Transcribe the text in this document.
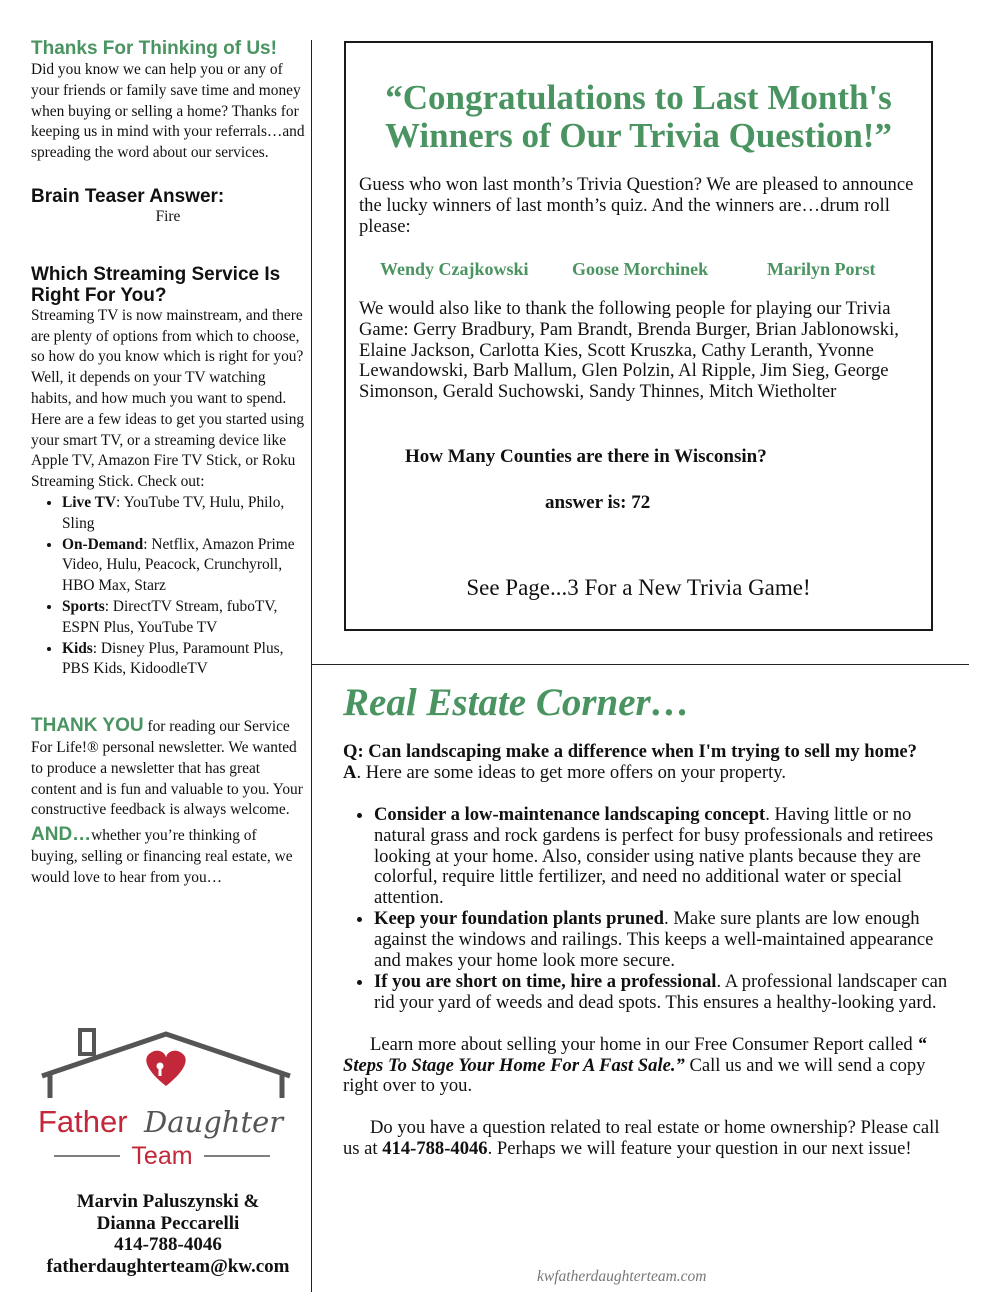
Thanks For Thinking of Us!

Did you know we can help you or any of your friends or family save time and money when buying or selling a home? Thanks for keeping us in mind with your referrals…and spreading the word about our services.

Brain Teaser Answer:

Fire

Which Streaming Service Is Right For You?

Streaming TV is now mainstream, and there are plenty of options from which to choose, so how do you know which is right for you? Well, it depends on your TV watching habits, and how much you want to spend. Here are a few ideas to get you started using your smart TV, or a streaming device like Apple TV, Amazon Fire TV Stick, or Roku Streaming Stick. Check out:

• Live TV: YouTube TV, Hulu, Philo, Sling
• On-Demand: Netflix, Amazon Prime Video, Hulu, Peacock, Crunchyroll, HBO Max, Starz
• Sports: DirectTV Stream, fuboTV, ESPN Plus, YouTube TV
• Kids: Disney Plus, Paramount Plus, PBS Kids, KidoodleTV

THANK YOU for reading our Service For Life!® personal newsletter. We wanted to produce a newsletter that has great content and is fun and valuable to you. Your constructive feedback is always welcome.

AND…whether you’re thinking of buying, selling or financing real estate, we would love to hear from you…

Father Daughter
Team
Marvin Paluszynski &
Dianna Peccarelli
414-788-4046
fatherdaughterteam@kw.com
“Congratulations to Last Month's Winners of Our Trivia Question!”

Guess who won last month’s Trivia Question? We are pleased to announce the lucky winners of last month’s quiz. And the winners are…drum roll please:

Wendy Czajkowski Goose Morchinek	Marilyn Porst

We would also like to thank the following people for playing our Trivia Game: Gerry Bradbury, Pam Brandt, Brenda Burger, Brian Jablonowski, Elaine Jackson, Carlotta Kies, Scott Kruszka, Cathy Leranth, Yvonne Lewandowski, Barb Mallum, Glen Polzin, Al Ripple, Jim Sieg, George Simonson, Gerald Suchowski, Sandy Thinnes, Mitch Wietholter

How Many Counties are there in Wisconsin?

answer is: 72

See Page...3 For a New Trivia Game!

Real Estate Corner…

Q: Can landscaping make a difference when I'm trying to sell my home?

A. Here are some ideas to get more offers on your property.

• Consider a low-maintenance landscaping concept. Having little or no natural grass and rock gardens is perfect for busy professionals and retirees looking at your home. Also, consider using native plants because they are colorful, require little fertilizer, and need no additional water or special attention.
• Keep your foundation plants pruned. Make sure plants are low enough against the windows and railings. This keeps a well-maintained appearance and makes your home look more secure.
• If you are short on time, hire a professional. A professional landscaper can rid your yard of weeds and dead spots. This ensures a healthy-looking yard.

Learn more about selling your home in our Free Consumer Report called “ Steps To Stage Your Home For A Fast Sale.” Call us and we will send a copy right over to you.

Do you have a question related to real estate or home ownership? Please call us at 414-788-4046. Perhaps we will feature your question in our next issue!

kwfatherdaughterteam.com
